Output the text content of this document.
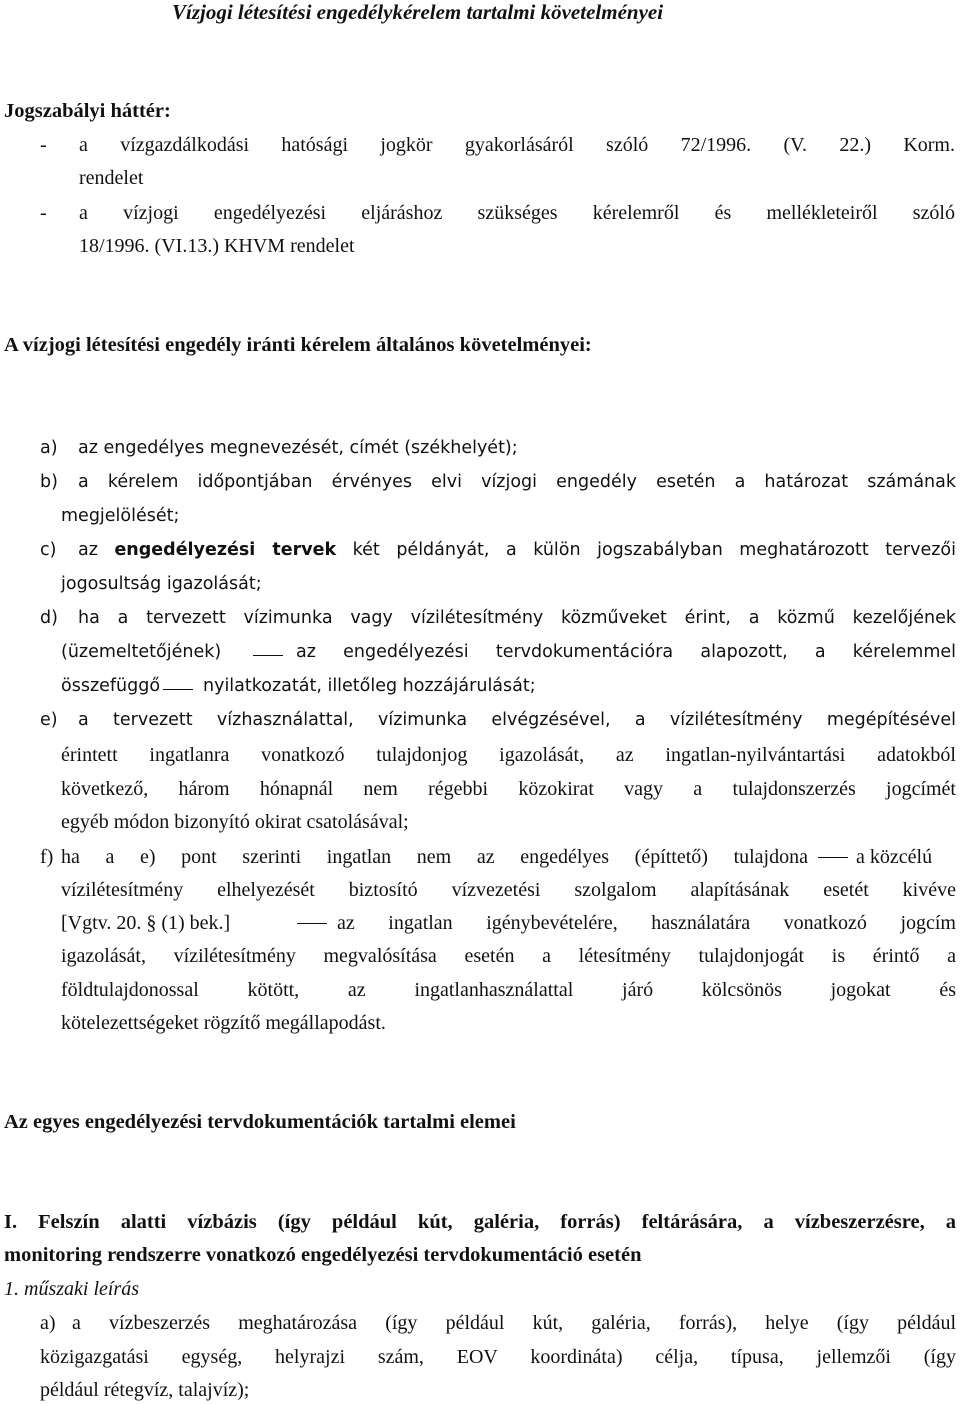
Vízjogi létesítési engedélykérelem tartalmi követelményei
Jogszabályi háttér:
- a vízgazdálkodási hatósági jogkör gyakorlásáról szóló 72/1996. (V. 22.) Korm.
rendelet
- a vízjogi engedélyezési eljáráshoz szükséges kérelemről és mellékleteiről szóló
18/1996. (VI.13.) KHVM rendelet
A vízjogi létesítési engedély iránti kérelem általános követelményei:
a) az engedélyes megnevezését, címét (székhelyét);
b) a kérelem időpontjában érvényes elvi vízjogi engedély esetén a határozat számának
megjelölését;
c) az engedélyezési tervek két példányát, a külön jogszabályban meghatározott tervezői
jogosultság igazolását;
d) ha a tervezett vízimunka vagy vízilétesítmény közműveket érint, a közmű kezelőjének
(üzemeltetőjének)	az engedélyezési tervdokumentációra alapozott, a kérelemmel
összefüggő nyilatkozatát, illetőleg hozzájárulását;
e) a tervezett vízhasználattal, vízimunka elvégzésével, a vízilétesítmény megépítésével
érintett ingatlanra vonatkozó tulajdonjog igazolását, az ingatlan-nyilvántartási adatokból
következő, három hónapnál nem régebbi közokirat vagy a tulajdonszerzés jogcímét
egyéb módon bizonyító okirat csatolásával;
f) ha a e) pont szerinti ingatlan nem az engedélyes (építtető) tulajdona a közcélú
vízilétesítmény elhelyezését biztosító vízvezetési szolgalom alapításának esetét kivéve
[Vgtv. 20. § (1) bek.]	az ingatlan igénybevételére, használatára vonatkozó jogcím
igazolását, vízilétesítmény megvalósítása esetén a létesítmény tulajdonjogát is érintő a
földtulajdonossal kötött, az ingatlanhasználattal járó kölcsönös jogokat és
kötelezettségeket rögzítő megállapodást.
Az egyes engedélyezési tervdokumentációk tartalmi elemei
I. Felszín alatti vízbázis (így például kút, galéria, forrás) feltárására, a vízbeszerzésre, a
monitoring rendszerre vonatkozó engedélyezési tervdokumentáció esetén
1. műszaki leírás
a) a vízbeszerzés meghatározása (így például kút, galéria, forrás), helye (így például
közigazgatási egység, helyrajzi szám, EOV koordináta) célja, típusa, jellemzői (így
például rétegvíz, talajvíz);
